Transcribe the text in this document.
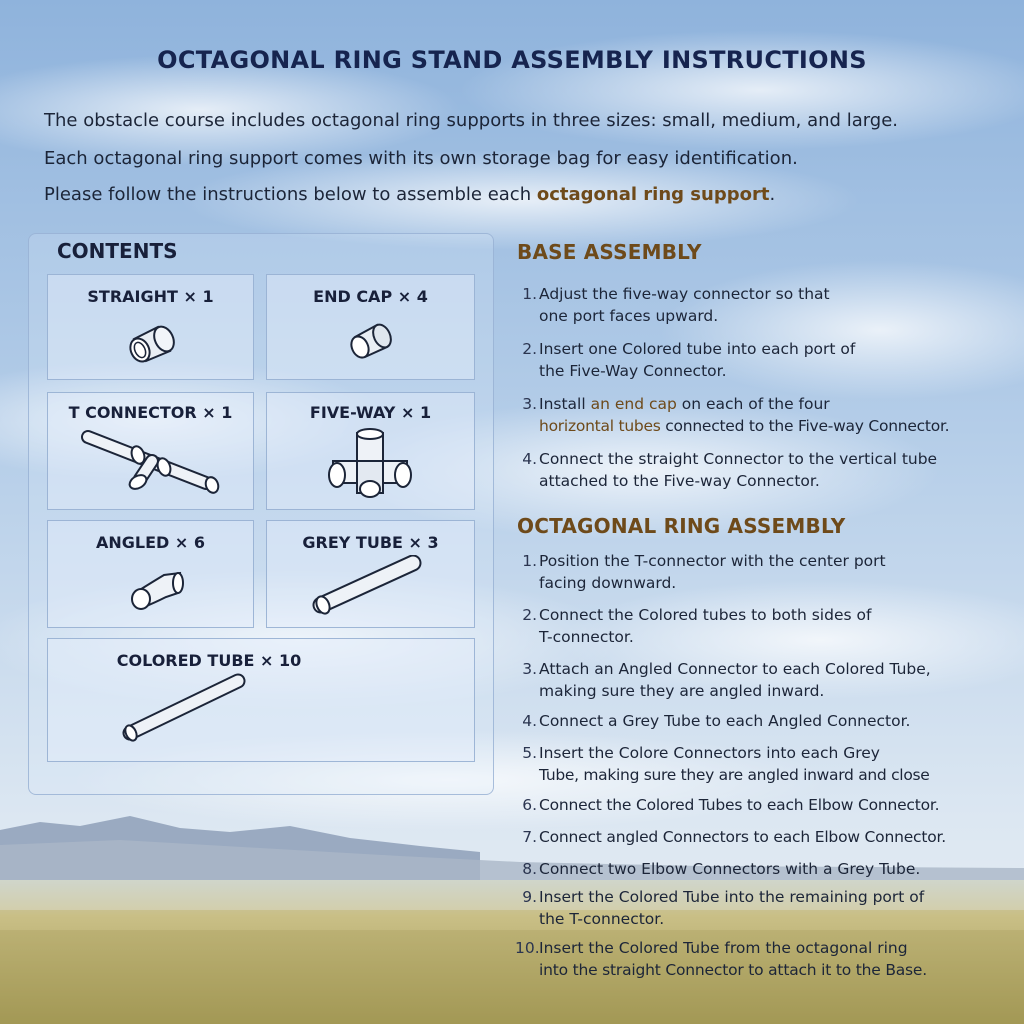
OCTAGONAL RING STAND ASSEMBLY INSTRUCTIONS
The obstacle course includes octagonal ring supports in three sizes: small, medium, and large.
Each octagonal ring support comes with its own storage bag for easy identification.
Please follow the instructions below to assemble each octagonal ring support.
CONTENTS
STRAIGHT × 1	END CAP × 4
T CONNECTOR × 1	FIVE-WAY × 1
ANGLED × 6	GREY TUBE × 3
COLORED TUBE × 10
BASE ASSEMBLY
1. Adjust the five-way connector so that
one port faces upward.
2. Insert one Colored tube into each port of
the Five-Way Connector.
3. Install an end cap on each of the four
horizontal tubes connected to the Five-way Connector.
4. Connect the straight Connector to the vertical tube
attached to the Five-way Connector.
OCTAGONAL RING ASSEMBLY
1. Position the T-connector with the center port
facing downward.
2. Connect the Colored tubes to both sides of
T-connector.
3. Attach an Angled Connector to each Colored Tube,
making sure they are angled inward.
4. Connect a Grey Tube to each Angled Connector.
5. Insert the Colore Connectors into each Grey
Tube, making sure they are angled inward and close
6. Connect the Colored Tubes to each Elbow Connector.
7. Connect angled Connectors to each Elbow Connector.
8. Connect two Elbow Connectors with a Grey Tube.
9. Insert the Colored Tube into the remaining port of
the T-connector.
10. Insert the Colored Tube from the octagonal ring
into the straight Connector to attach it to the Base.
